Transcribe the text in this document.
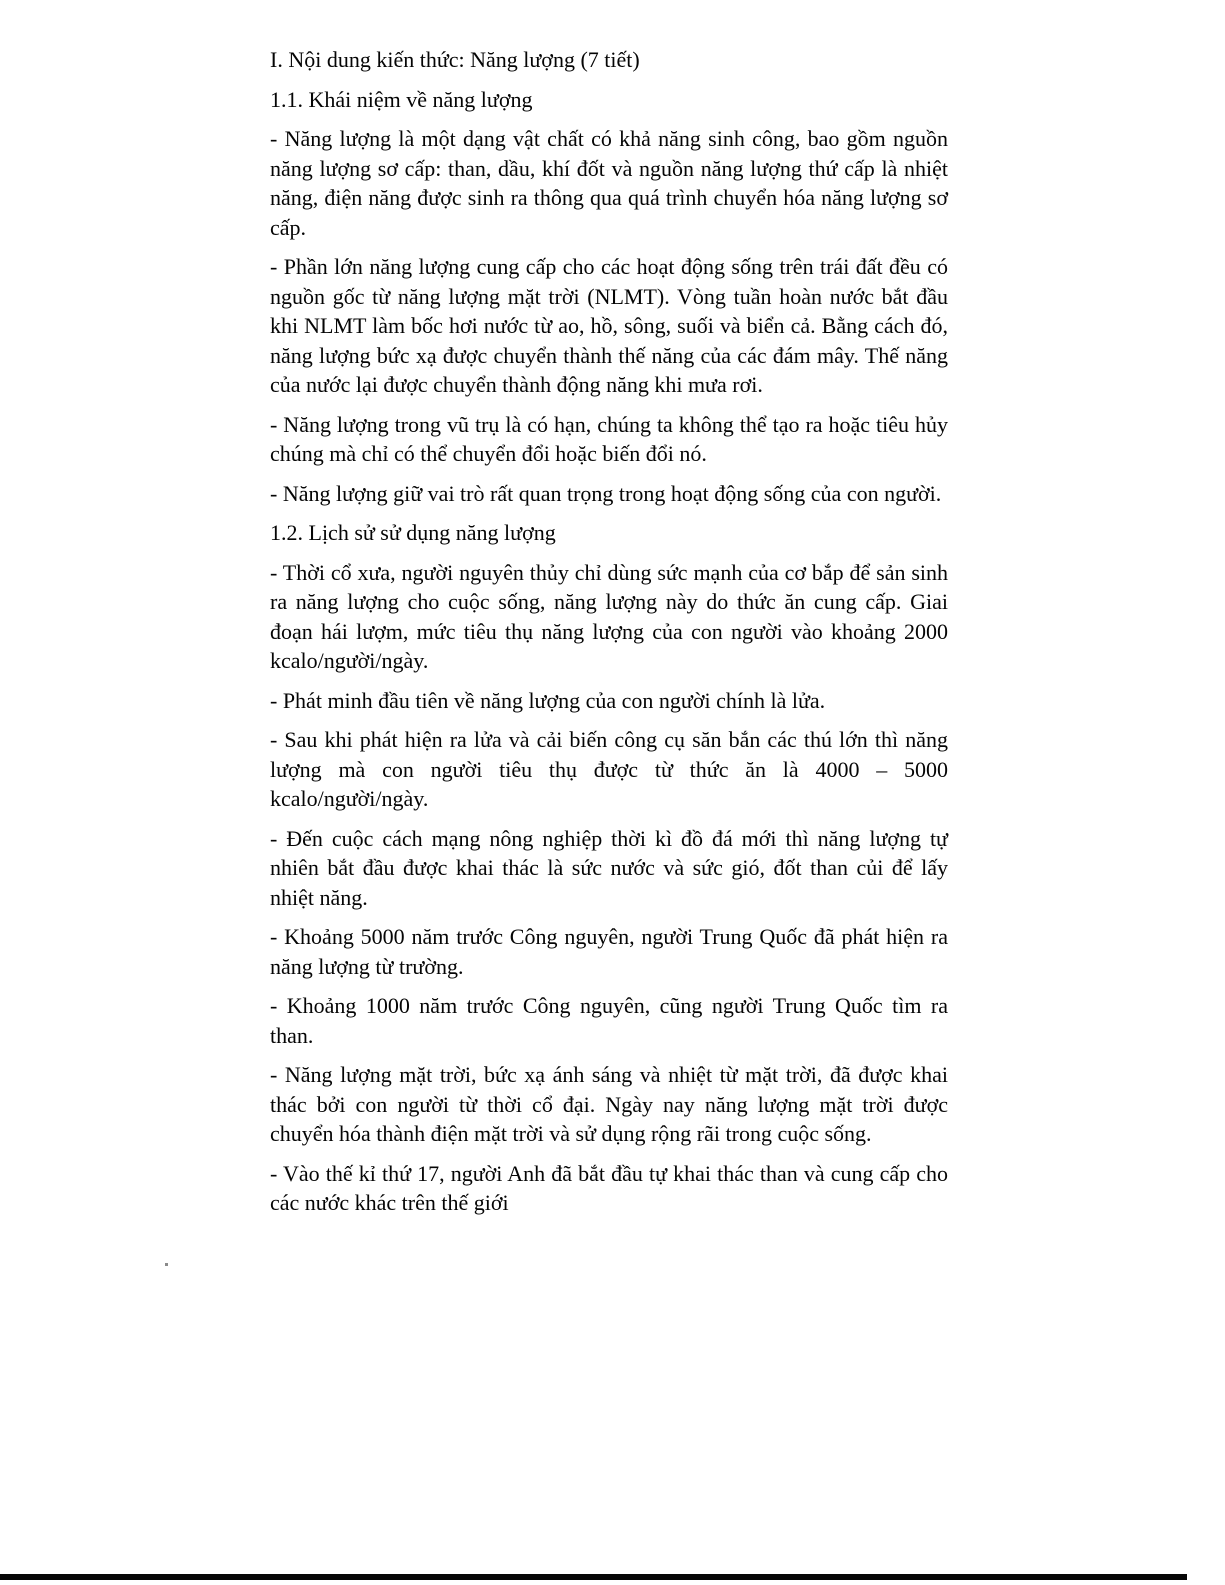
I. Nội dung kiến thức: Năng lượng (7 tiết)
1.1. Khái niệm về năng lượng

- Năng lượng là một dạng vật chất có khả năng sinh công, bao gồm nguồn năng lượng sơ cấp: than, dầu, khí đốt và nguồn năng lượng thứ cấp là nhiệt năng, điện năng được sinh ra thông qua quá trình chuyển hóa năng lượng sơ cấp.

- Phần lớn năng lượng cung cấp cho các hoạt động sống trên trái đất đều có nguồn gốc từ năng lượng mặt trời (NLMT). Vòng tuần hoàn nước bắt đầu khi NLMT làm bốc hơi nước từ ao, hồ, sông, suối và biển cả. Bằng cách đó, năng lượng bức xạ được chuyển thành thế năng của các đám mây. Thế năng của nước lại được chuyển thành động năng khi mưa rơi.

- Năng lượng trong vũ trụ là có hạn, chúng ta không thể tạo ra hoặc tiêu hủy chúng mà chỉ có thể chuyển đổi hoặc biến đổi nó.

- Năng lượng giữ vai trò rất quan trọng trong hoạt động sống của con người.

1.2. Lịch sử sử dụng năng lượng

- Thời cổ xưa, người nguyên thủy chỉ dùng sức mạnh của cơ bắp để sản sinh ra năng lượng cho cuộc sống, năng lượng này do thức ăn cung cấp. Giai đoạn hái lượm, mức tiêu thụ năng lượng của con người vào khoảng 2000 kcalo/người/ngày.

- Phát minh đầu tiên về năng lượng của con người chính là lửa.

- Sau khi phát hiện ra lửa và cải biến công cụ săn bắn các thú lớn thì năng lượng mà con người tiêu thụ được từ thức ăn là 4000 – 5000 kcalo/người/ngày.

- Đến cuộc cách mạng nông nghiệp thời kì đồ đá mới thì năng lượng tự nhiên bắt đầu được khai thác là sức nước và sức gió, đốt than củi để lấy nhiệt năng.

- Khoảng 5000 năm trước Công nguyên, người Trung Quốc đã phát hiện ra năng lượng từ trường.

- Khoảng 1000 năm trước Công nguyên, cũng người Trung Quốc tìm ra than.

- Năng lượng mặt trời, bức xạ ánh sáng và nhiệt từ mặt trời, đã được khai thác bởi con người từ thời cổ đại. Ngày nay năng lượng mặt trời được chuyển hóa thành điện mặt trời và sử dụng rộng rãi trong cuộc sống.

- Vào thế kỉ thứ 17, người Anh đã bắt đầu tự khai thác than và cung cấp cho các nước khác trên thế giới
